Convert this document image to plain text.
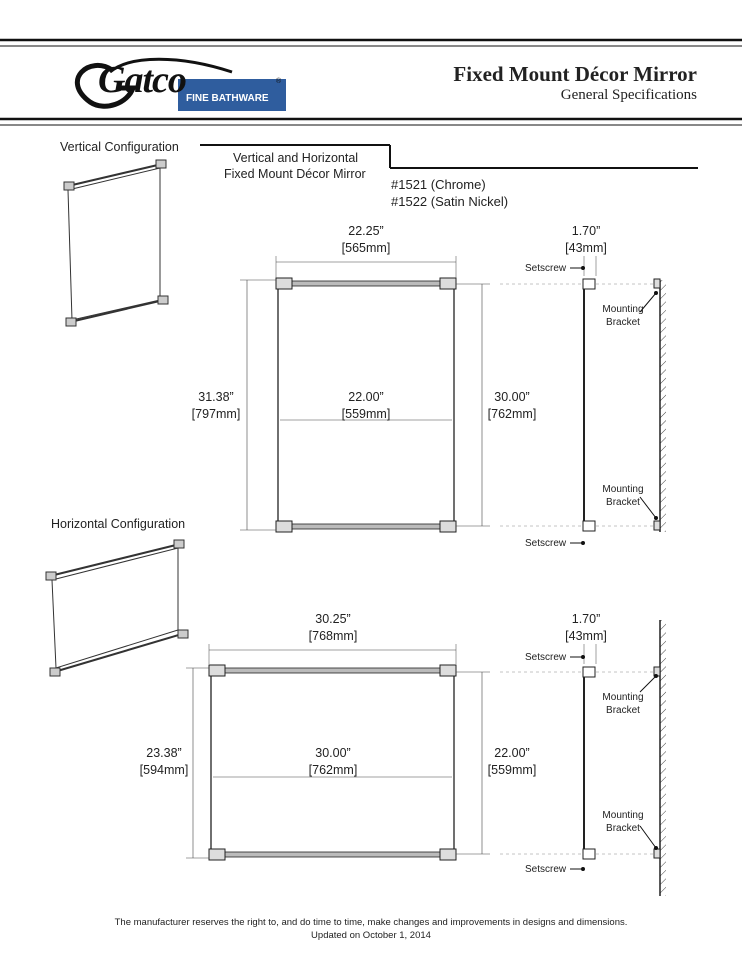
Gatco FINE BATHWARE
®	Fixed Mount Décor Mirror
General Specifications
Vertical Configuration
Vertical and Horizontal
Fixed Mount Décor Mirror
#1521 (Chrome)
#1522 (Satin Nickel)
22.25”
[565mm]
1.70”
[43mm]
31.38”
[797mm]
22.00”
[559mm]
30.00”
[762mm]
Setscrew
Setscrew
Mounting
Bracket
Mounting
Bracket
Horizontal Configuration
30.25”
[768mm]
1.70”
[43mm]
23.38”
[594mm]
30.00”
[762mm]
22.00”
[559mm]
Setscrew
Setscrew
Mounting
Bracket
Mounting
Bracket
The manufacturer reserves the right to, and do time to time, make changes and improvements in designs and dimensions.
Updated on October 1, 2014
